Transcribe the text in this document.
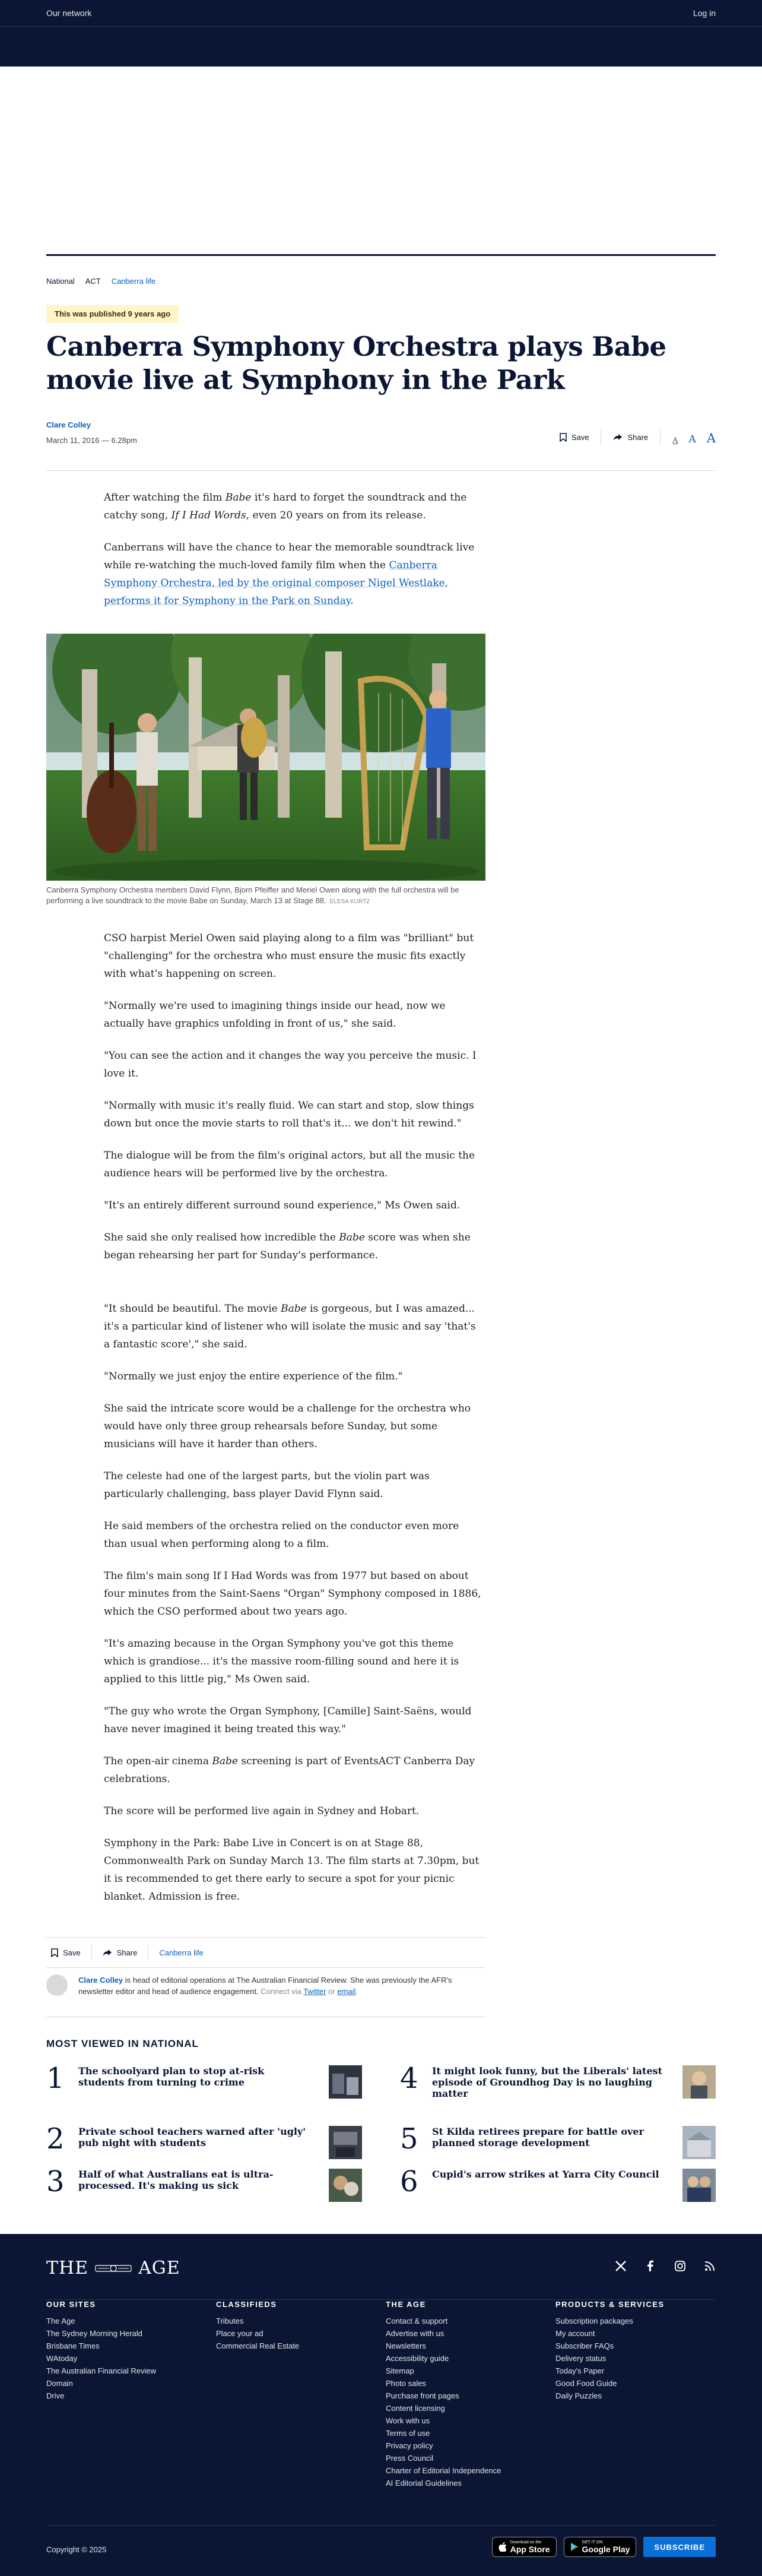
Our network	Log in
National ACT Canberra life
This was published 9 years ago
Canberra Symphony Orchestra plays Babe movie live at Symphony in the Park
Clare Colley
March 11, 2016 — 6.28pm	Save	Share	A A A

After watching the film Babe it's hard to forget the soundtrack and the catchy song, If I Had Words, even 20 years on from its release.

Canberrans will have the chance to hear the memorable soundtrack live while re-watching the much-loved family film when the Canberra Symphony Orchestra, led by the original composer Nigel Westlake, performs it for Symphony in the Park on Sunday.

Canberra Symphony Orchestra members David Flynn, Bjorn Pfeiffer and Meriel Owen along with the full orchestra will be performing a live soundtrack to the movie Babe on Sunday, March 13 at Stage 88. ELESA KURTZ

CSO harpist Meriel Owen said playing along to a film was "brilliant" but "challenging" for the orchestra who must ensure the music fits exactly with what's happening on screen.

"Normally we're used to imagining things inside our head, now we actually have graphics unfolding in front of us," she said.

"You can see the action and it changes the way you perceive the music. I love it.

"Normally with music it's really fluid. We can start and stop, slow things down but once the movie starts to roll that's it... we don't hit rewind."

The dialogue will be from the film's original actors, but all the music the audience hears will be performed live by the orchestra.

"It's an entirely different surround sound experience," Ms Owen said.

She said she only realised how incredible the Babe score was when she began rehearsing her part for Sunday's performance.

"It should be beautiful. The movie Babe is gorgeous, but I was amazed... it's a particular kind of listener who will isolate the music and say 'that's a fantastic score'," she said.

"Normally we just enjoy the entire experience of the film."

She said the intricate score would be a challenge for the orchestra who would have only three group rehearsals before Sunday, but some musicians will have it harder than others.

The celeste had one of the largest parts, but the violin part was particularly challenging, bass player David Flynn said.

He said members of the orchestra relied on the conductor even more than usual when performing along to a film.

The film's main song If I Had Words was from 1977 but based on about four minutes from the Saint-Saens "Organ" Symphony composed in 1886, which the CSO performed about two years ago.

"It's amazing because in the Organ Symphony you've got this theme which is grandiose... it's the massive room-filling sound and here it is applied to this little pig," Ms Owen said.

"The guy who wrote the Organ Symphony, [Camille] Saint-Saëns, would have never imagined it being treated this way."

The open-air cinema Babe screening is part of EventsACT Canberra Day celebrations.

The score will be performed live again in Sydney and Hobart.

Symphony in the Park: Babe Live in Concert is on at Stage 88, Commonwealth Park on Sunday March 13. The film starts at 7.30pm, but it is recommended to get there early to secure a spot for your picnic blanket. Admission is free.

Save	Share	Canberra life
Clare Colley is head of editorial operations at The Australian Financial Review. She was previously the AFR's newsletter editor and head of audience engagement. Connect via Twitter or email.
MOST VIEWED IN NATIONAL
1 The schoolyard plan to stop at-risk students from turning to crime
2 Private school teachers warned after 'ugly' pub night with students
3 Half of what Australians eat is ultra-processed. It's making us sick
4 It might look funny, but the Liberals' latest episode of Groundhog Day is no laughing matter
5 St Kilda retirees prepare for battle over planned storage development
6 Cupid's arrow strikes at Yarra City Council
THE	AGE
OUR SITES
The Age
The Sydney Morning Herald
Brisbane Times
WAtoday
The Australian Financial Review
Domain
Drive
CLASSIFIEDS
Tributes
Place your ad
Commercial Real Estate
THE AGE
Contact & support
Advertise with us
Newsletters
Accessibility guide
Sitemap
Photo sales
Purchase front pages
Content licensing
Work with us
Terms of use
Privacy policy
Press Council
Charter of Editorial Independence
AI Editorial Guidelines
PRODUCTS & SERVICES
Subscription packages
My account
Subscriber FAQs
Delivery status
Today's Paper
Good Food Guide
Daily Puzzles
Copyright © 2025
Download on the
App Store
GET IT ON
Google Play	SUBSCRIBE
